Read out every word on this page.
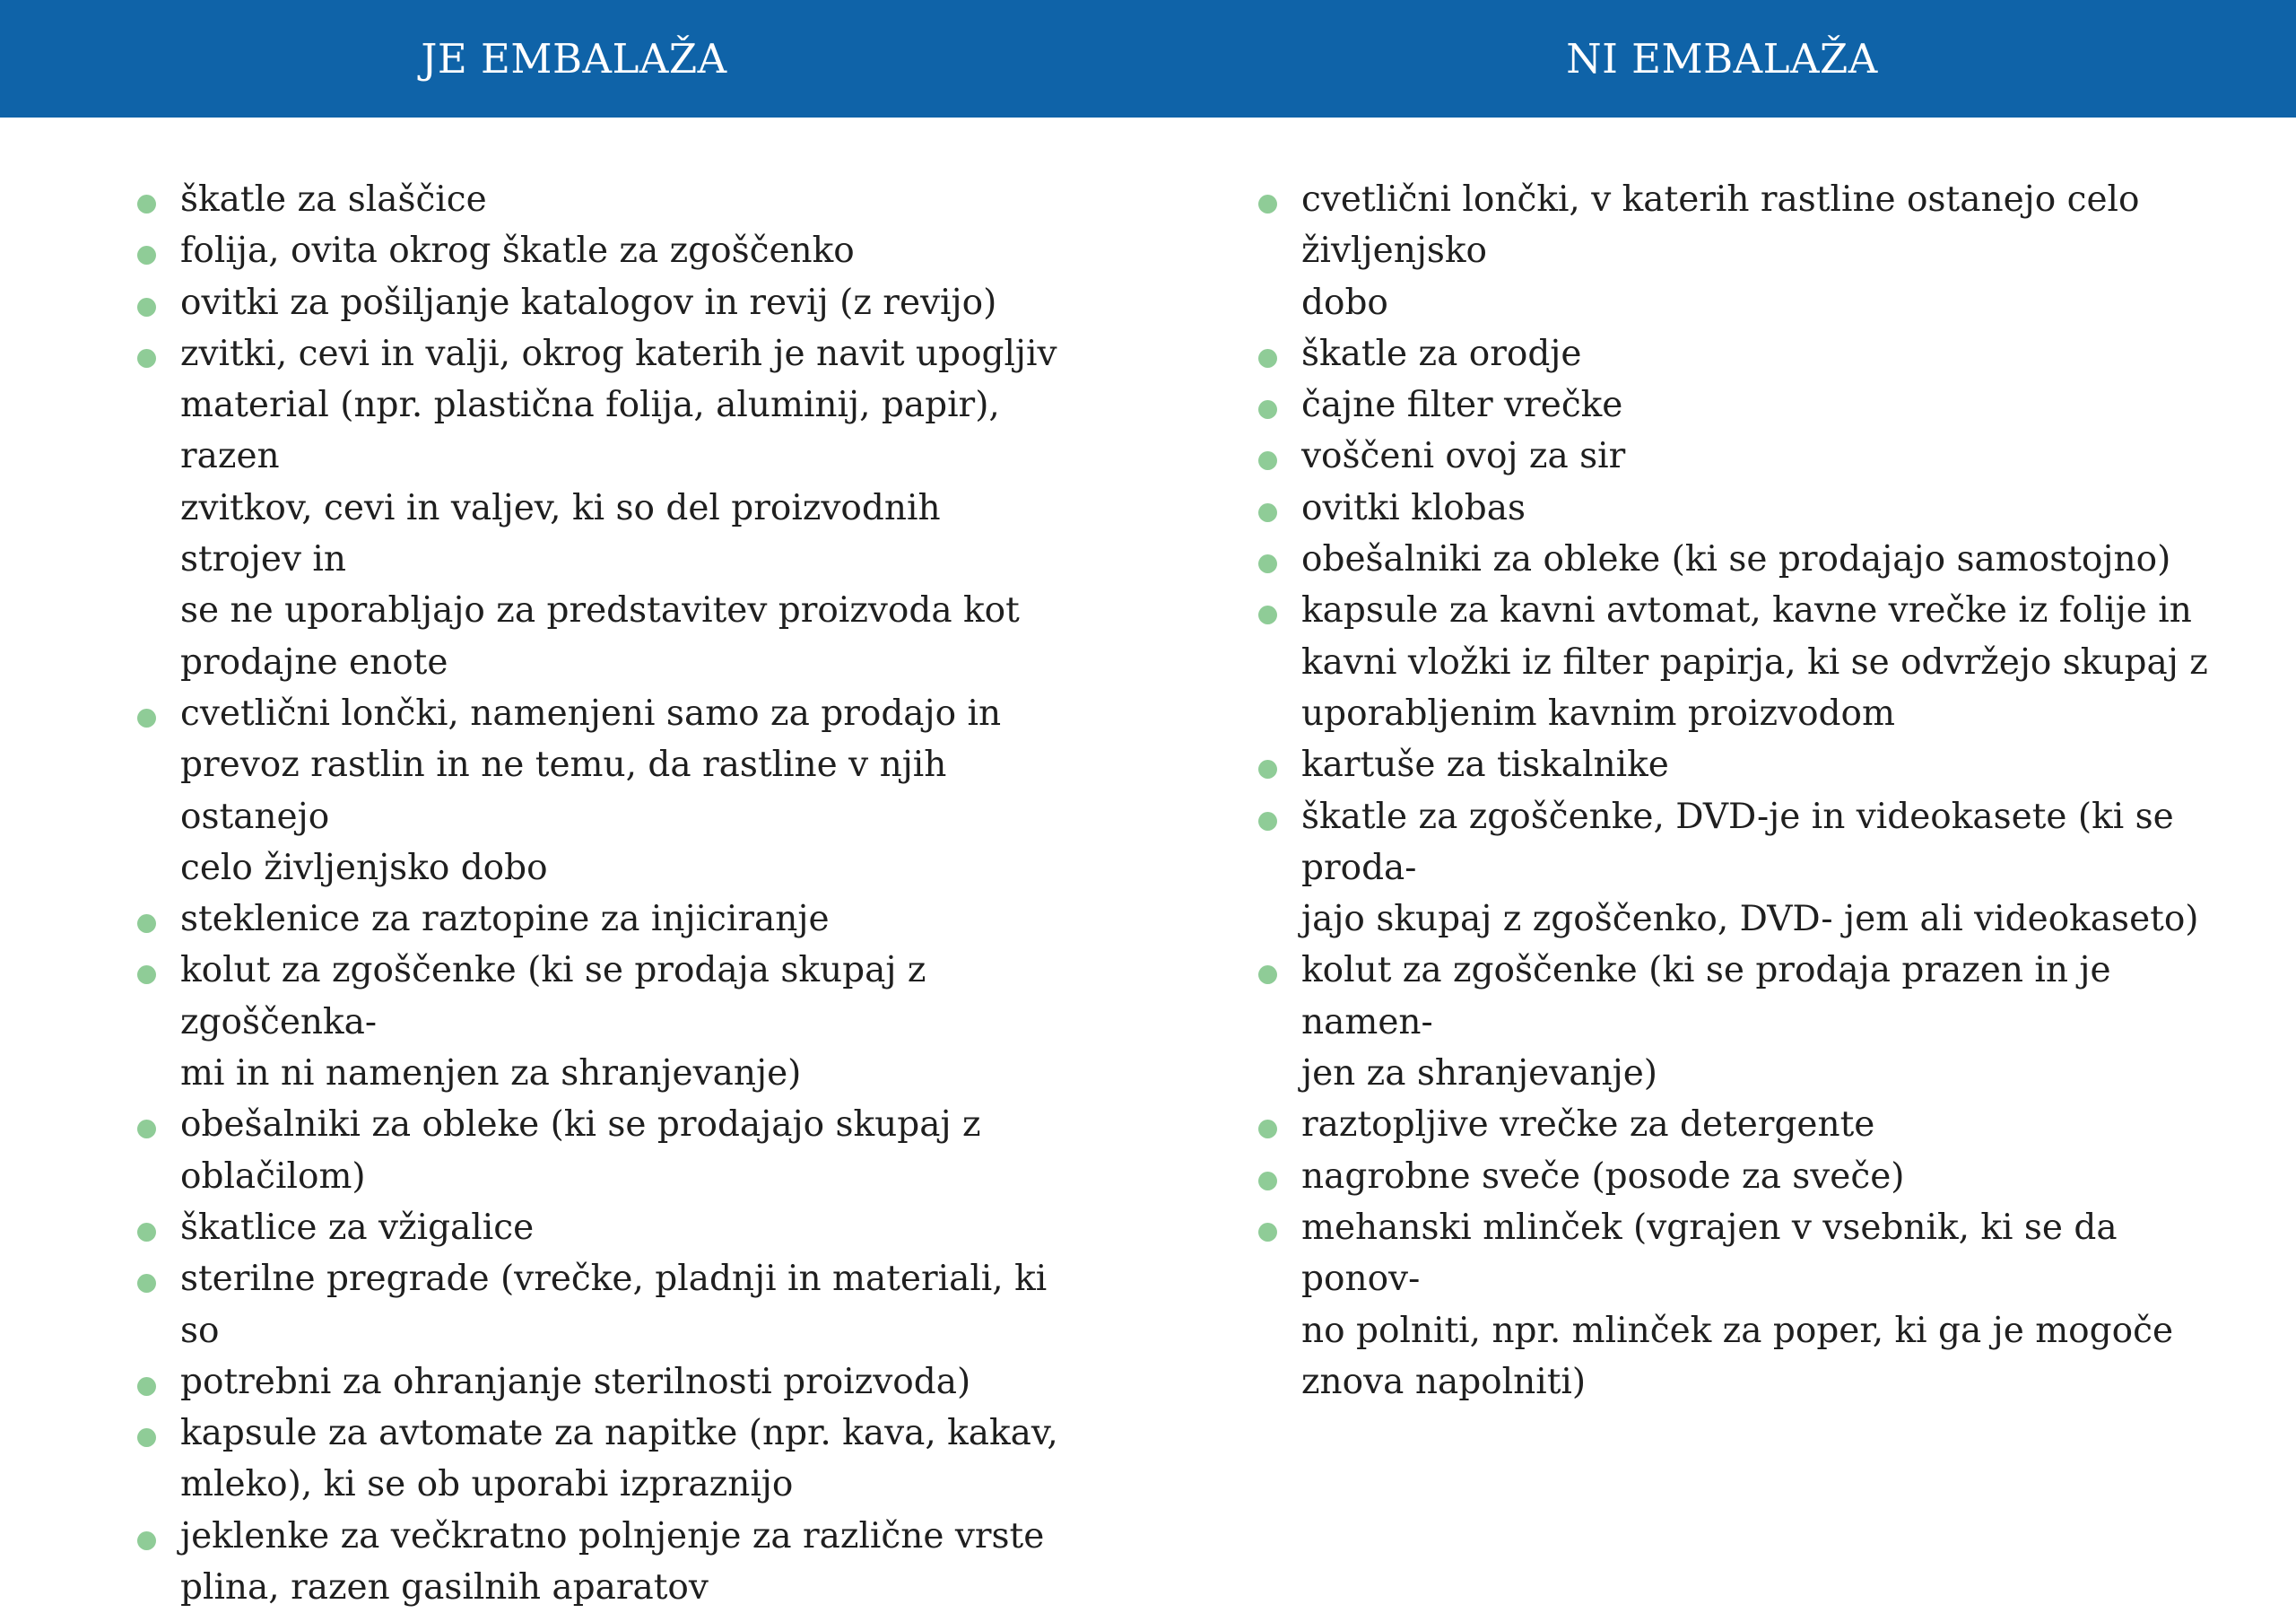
JE EMBALAŽA	NI EMBALAŽA
škatle za slaščice
folija, ovita okrog škatle za zgoščenko
ovitki za pošiljanje katalogov in revij (z revijo)
zvitki, cevi in valji, okrog katerih je navit upogljiv
material (npr. plastična folija, aluminij, papir), razen
zvitkov, cevi in valjev, ki so del proizvodnih strojev in
se ne uporabljajo za predstavitev proizvoda kot
prodajne enote
cvetlični lončki, namenjeni samo za prodajo in
prevoz rastlin in ne temu, da rastline v njih ostanejo
celo življenjsko dobo
steklenice za raztopine za injiciranje
kolut za zgoščenke (ki se prodaja skupaj z zgoščenka-
mi in ni namenjen za shranjevanje)
obešalniki za obleke (ki se prodajajo skupaj z oblačilom)
škatlice za vžigalice
sterilne pregrade (vrečke, pladnji in materiali, ki so
potrebni za ohranjanje sterilnosti proizvoda)
kapsule za avtomate za napitke (npr. kava, kakav,
mleko), ki se ob uporabi izpraznijo
jeklenke za večkratno polnjenje za različne vrste
plina, razen gasilnih aparatov
cvetlični lončki, v katerih rastline ostanejo celo življenjsko
dobo
škatle za orodje
čajne filter vrečke
voščeni ovoj za sir
ovitki klobas
obešalniki za obleke (ki se prodajajo samostojno)
kapsule za kavni avtomat, kavne vrečke iz folije in
kavni vložki iz filter papirja, ki se odvržejo skupaj z
uporabljenim kavnim proizvodom
kartuše za tiskalnike
škatle za zgoščenke, DVD-je in videokasete (ki se proda-
jajo skupaj z zgoščenko, DVD- jem ali videokaseto)
kolut za zgoščenke (ki se prodaja prazen in je namen-
jen za shranjevanje)
raztopljive vrečke za detergente
nagrobne sveče (posode za sveče)
mehanski mlinček (vgrajen v vsebnik, ki se da ponov-
no polniti, npr. mlinček za poper, ki ga je mogoče
znova napolniti)
